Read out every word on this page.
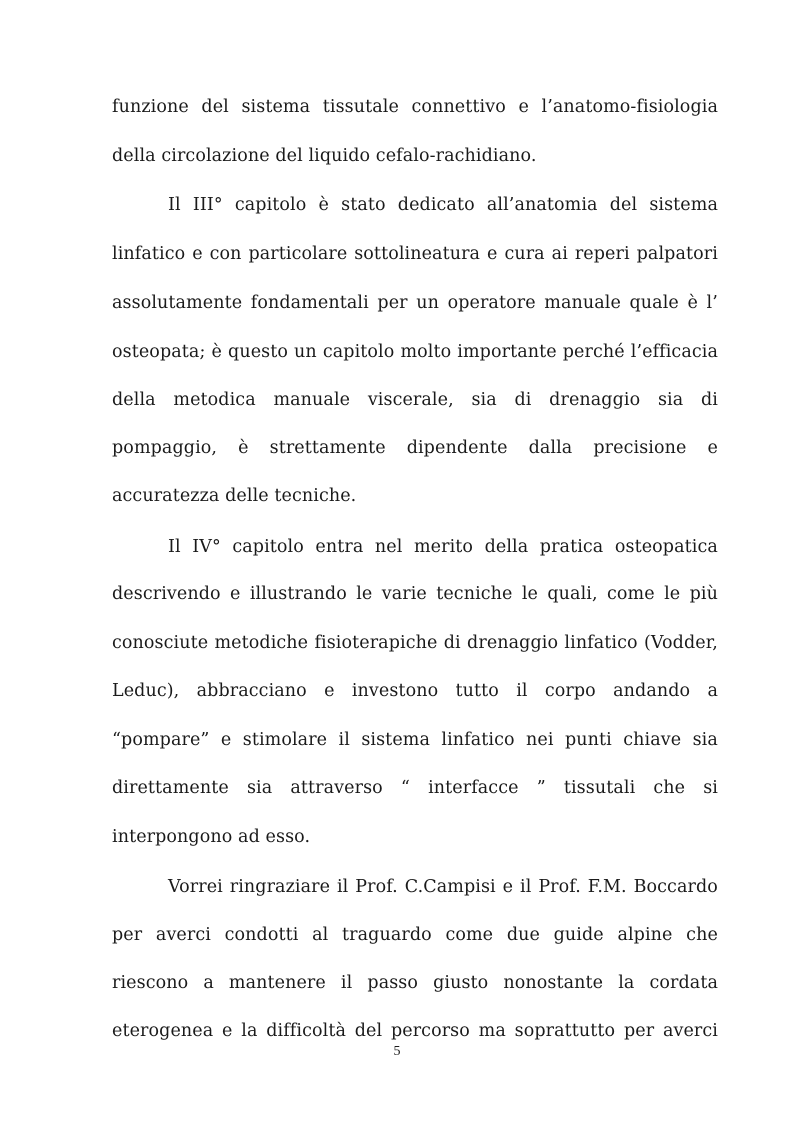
funzione del sistema tissutale connettivo e l’anatomo-fisiologia
della circolazione del liquido cefalo-rachidiano.
Il III° capitolo è stato dedicato all’anatomia del sistema
linfatico e con particolare sottolineatura e cura ai reperi palpatori
assolutamente fondamentali per un operatore manuale quale è l’
osteopata; è questo un capitolo molto importante perché l’efficacia
della metodica manuale viscerale, sia di drenaggio sia di
pompaggio, è strettamente dipendente dalla precisione e
accuratezza delle tecniche.
Il IV° capitolo entra nel merito della pratica osteopatica
descrivendo e illustrando le varie tecniche le quali, come le più
conosciute metodiche fisioterapiche di drenaggio linfatico (Vodder,
Leduc), abbracciano e investono tutto il corpo andando a
“pompare” e stimolare il sistema linfatico nei punti chiave sia
direttamente sia attraverso “ interfacce ” tissutali che si
interpongono ad esso.
Vorrei ringraziare il Prof. C.Campisi e il Prof. F.M. Boccardo
per averci condotti al traguardo come due guide alpine che
riescono a mantenere il passo giusto nonostante la cordata
eterogenea e la difficoltà del percorso ma soprattutto per averci
5
